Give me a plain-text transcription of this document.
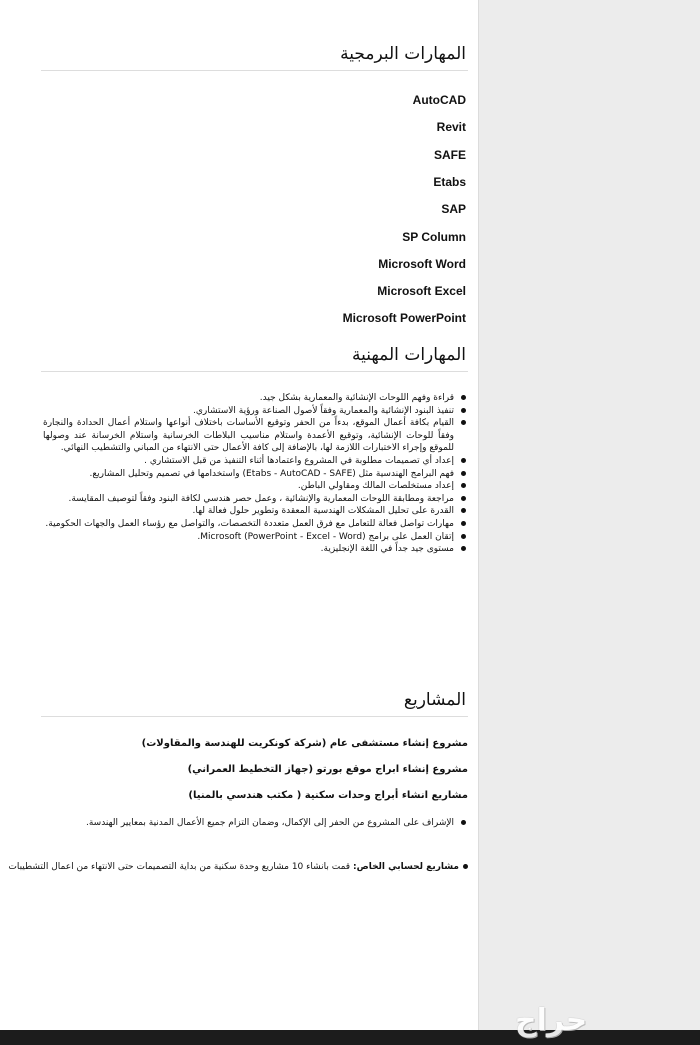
حراج
المهارات البرمجية
AutoCAD
Revit
SAFE
Etabs
SAP
SP Column
Microsoft Word
Microsoft Excel
Microsoft PowerPoint
المهارات المهنية
قراءة وفهم اللوحات الإنشائية والمعمارية بشكل جيد.
تنفيذ البنود الإنشائية والمعمارية وفقاً لأصول الصناعة ورؤية الاستشاري.
القيام بكافة أعمال الموقع، بدءاً من الحفر وتوقيع الأساسات باختلاف أنواعها واستلام أعمال الحدادة والنجارة وفقاً للوحات الإنشائية، وتوقيع الأعمدة واستلام مناسيب البلاطات الخرسانية واستلام الخرسانة عند وصولها للموقع وإجراء الاختبارات اللازمة لها، بالإضافة إلى كافة الأعمال حتى الانتهاء من المباني والتشطيب النهائي.
إعداد أي تصميمات مطلوبة في المشروع واعتمادها أثناء التنفيذ من قبل الاستشاري .
فهم البرامج الهندسية مثل (Etabs - AutoCAD - SAFE) واستخدامها في تصميم وتحليل المشاريع.
إعداد مستخلصات المالك ومقاولي الباطن.
مراجعة ومطابقة اللوحات المعمارية والإنشائية ، وعمل حصر هندسي لكافة البنود وفقاً لتوصيف المقايسة.
القدرة على تحليل المشكلات الهندسية المعقدة وتطوير حلول فعالة لها.
مهارات تواصل فعالة للتعامل مع فرق العمل متعددة التخصصات، والتواصل مع رؤساء العمل والجهات الحكومية.
إتقان العمل على برامج Microsoft (PowerPoint - Excel - Word).
مستوى جيد جداً في اللغة الإنجليزية.
المشاريع
مشروع إنشاء مستشفى عام (شركة كونكريت للهندسة والمقاولات)
مشروع إنشاء ابراج موقع بورتو (جهاز التخطيط العمراني)
مشاريع انشاء أبراج وحدات سكنية ( مكتب هندسي بالمنيا)
الإشراف على المشروع من الحفر إلى الإكمال، وضمان التزام جميع الأعمال المدنية بمعايير الهندسة.
مشاريع لحسابي الخاص: قمت بانشاء 10 مشاريع وحدة سكنية من بداية التصميمات حتى الانتهاء من اعمال التشطيبات
